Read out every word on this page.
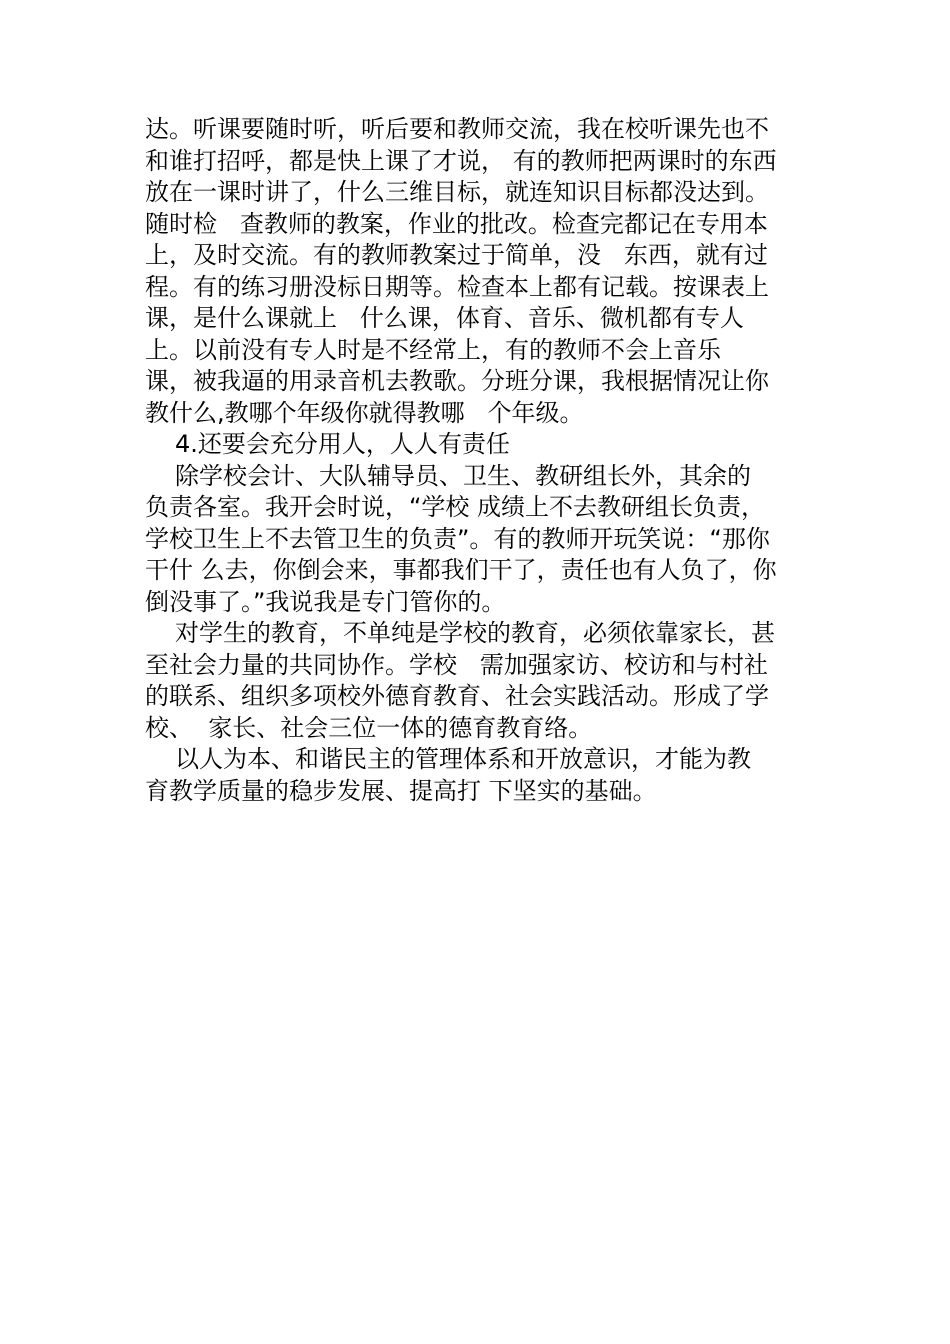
达。听课要随时听，听后要和教师交流，我在校听课先也不
和谁打招呼，都是快上课了才说， 有的教师把两课时的东西
放在一课时讲了，什么三维目标，就连知识目标都没达到。
随时检   查教师的教案，作业的批改。检查完都记在专用本
上，及时交流。有的教师教案过于简单，没   东西，就有过
程。有的练习册没标日期等。检查本上都有记载。按课表上
课，是什么课就上   什么课，体育、音乐、微机都有专人
上。以前没有专人时是不经常上，有的教师不会上音乐
课，被我逼的用录音机去教歌。分班分课，我根据情况让你
教什么,教哪个年级你就得教哪   个年级。
4.还要会充分用人，人人有责任
除学校会计、大队辅导员、卫生、教研组长外，其余的
负责各室。我开会时说，“学校 成绩上不去教研组长负责，
学校卫生上不去管卫生的负责”。有的教师开玩笑说：“那你
干什 么去，你倒会来，事都我们干了，责任也有人负了，你
倒没事了。”我说我是专门管你的。
对学生的教育，不单纯是学校的教育，必须依靠家长，甚
至社会力量的共同协作。学校   需加强家访、校访和与村社
的联系、组织多项校外德育教育、社会实践活动。形成了学
校、  家长、社会三位一体的德育教育络。
以人为本、和谐民主的管理体系和开放意识，才能为教
育教学质量的稳步发展、提高打 下坚实的基础。
